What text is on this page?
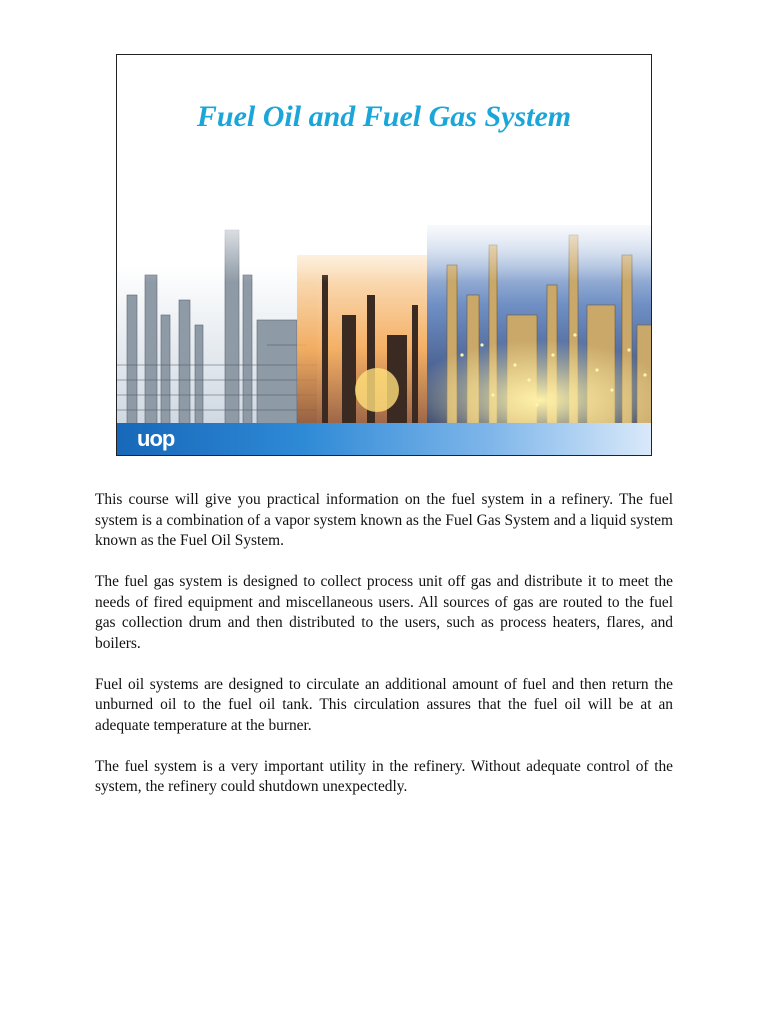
Fuel Oil and Fuel Gas System
uop

This course will give you practical information on the fuel system in a refinery. The fuel system is a combination of a vapor system known as the Fuel Gas System and a liquid system known as the Fuel Oil System.

The fuel gas system is designed to collect process unit off gas and distribute it to meet the needs of fired equipment and miscellaneous users. All sources of gas are routed to the fuel gas collection drum and then distributed to the users, such as process heaters, flares, and boilers.

Fuel oil systems are designed to circulate an additional amount of fuel and then return the unburned oil to the fuel oil tank. This circulation assures that the fuel oil will be at an adequate temperature at the burner.

The fuel system is a very important utility in the refinery. Without adequate control of the system, the refinery could shutdown unexpectedly.
